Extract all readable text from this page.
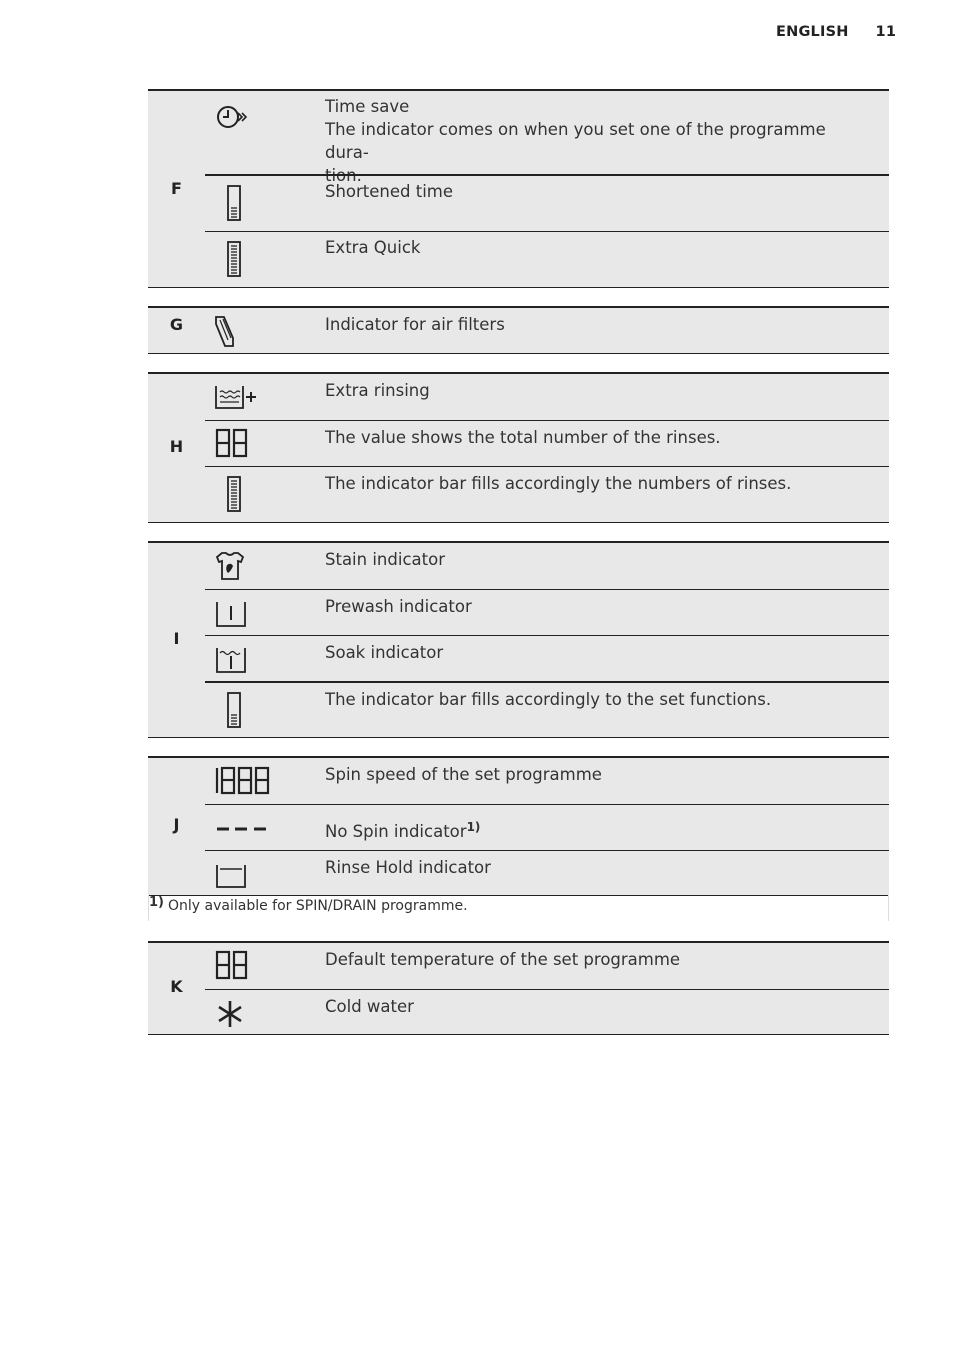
ENGLISH 11
F
Time save
The indicator comes on when you set one of the programme dura-
tion.
Shortened time
Extra Quick
G	Indicator for air filters
H
Extra rinsing
The value shows the total number of the rinses.
The indicator bar fills accordingly the numbers of rinses.
I
Stain indicator
Prewash indicator
Soak indicator
The indicator bar fills accordingly to the set functions.
J
Spin speed of the set programme
No Spin indicator$^{1)}$
Rinse Hold indicator
1) Only available for SPIN/DRAIN programme.
K
Default temperature of the set programme
Cold water
